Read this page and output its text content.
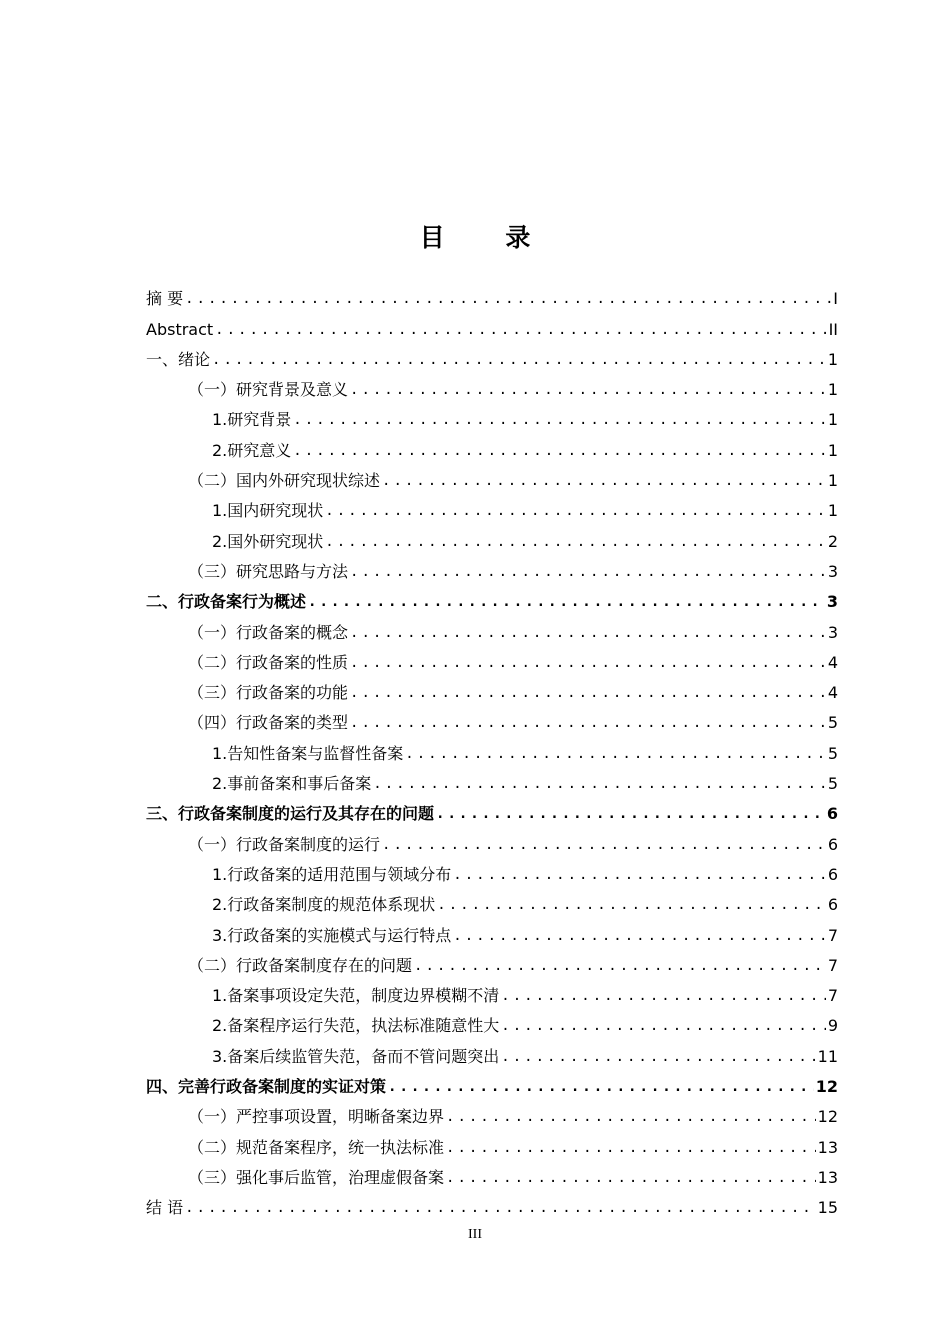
目 录
摘 要 .....	I
Abstract .....	II
一、绪论 .....	1
（一）研究背景及意义 .....	1
1.研究背景 .....	1
2.研究意义 .....	1
（二）国内外研究现状综述 .....	1
1.国内研究现状 .....	1
2.国外研究现状 .....	2
（三）研究思路与方法 .....	3
二、行政备案行为概述 .....	3
（一）行政备案的概念 .....	3
（二）行政备案的性质 .....	4
（三）行政备案的功能 .....	4
（四）行政备案的类型 .....	5
1.告知性备案与监督性备案 .....	5
2.事前备案和事后备案 .....	5
三、行政备案制度的运行及其存在的问题 .....	6
（一）行政备案制度的运行 .....	6
1.行政备案的适用范围与领域分布 .....	6
2.行政备案制度的规范体系现状 .....	6
3.行政备案的实施模式与运行特点 .....	7
（二）行政备案制度存在的问题 .....	7
1.备案事项设定失范，制度边界模糊不清 .....	7
2.备案程序运行失范，执法标准随意性大 .....	9
3.备案后续监管失范，备而不管问题突出 .....	11
四、完善行政备案制度的实证对策 .....	12
（一）严控事项设置，明晰备案边界 .....	12
（二）规范备案程序，统一执法标准 .....	13
（三）强化事后监管，治理虚假备案 .....	13
结 语 .....	15
III
